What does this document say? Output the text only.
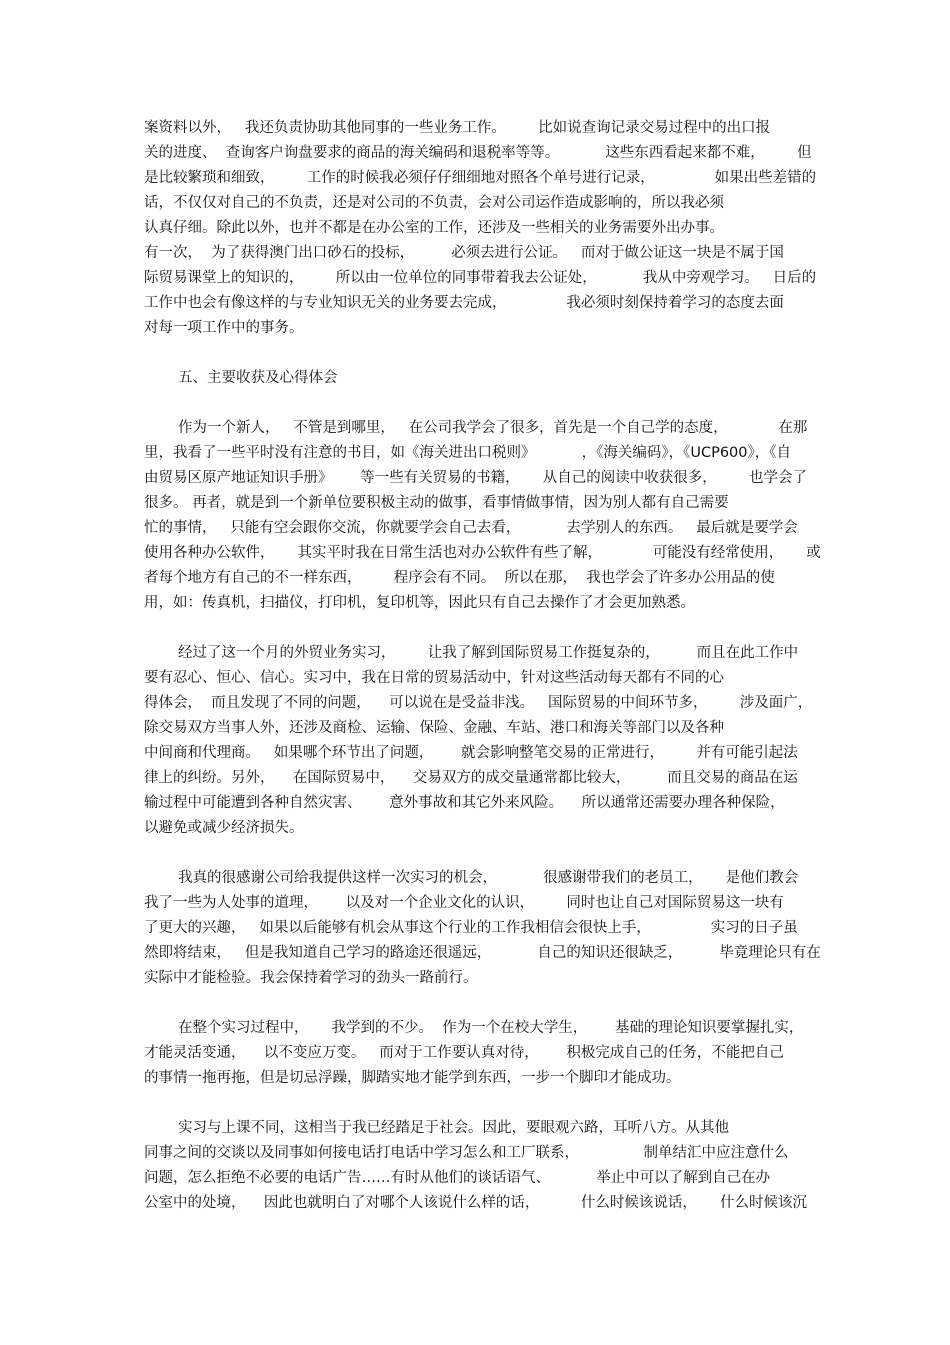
案资料以外，   我还负责协助其他同事的一些业务工作。       比如说查询记录交易过程中的出口报
关的进度、  查询客户询盘要求的商品的海关编码和退税率等等。          这些东西看起来都不难，       但
是比较繁琐和细致，       工作的时候我必须仔仔细细地对照各个单号进行记录，             如果出些差错的
话，不仅仅对自己的不负责，还是对公司的不负责，会对公司运作造成影响的，所以我必须
认真仔细。除此以外，也并不都是在办公室的工作，还涉及一些相关的业务需要外出办事。
有一次，  为了获得澳门出口砂石的投标，        必须去进行公证。   而对于做公证这一块是不属于国
际贸易课堂上的知识的，       所以由一位单位的同事带着我去公证处，          我从中旁观学习。   日后的
工作中也会有像这样的与专业知识无关的业务要去完成，             我必须时刻保持着学习的态度去面
对每一项工作中的事务。
五、主要收获及心得体会
作为一个新人，   不管是到哪里，   在公司我学会了很多，首先是一个自己学的态度，           在那
里，我看了一些平时没有注意的书目，如《海关进出口税则》          ，《海关编码》，《UCP600》，《自
由贸易区原产地证知识手册》      等一些有关贸易的书籍，     从自己的阅读中收获很多，       也学会了
很多。 再者，就是到一个新单位要积极主动的做事，看事情做事情，因为别人都有自己需要
忙的事情，   只能有空会跟你交流，你就要学会自己去看，          去学别人的东西。   最后就是要学会
使用各种办公软件，     其实平时我在日常生活也对办公软件有些了解，           可能没有经常使用，     或
者每个地方有自己的不一样东西，       程序会有不同。  所以在那，  我也学会了许多办公用品的使
用，如：传真机，扫描仪，打印机，复印机等，因此只有自己去操作了才会更加熟悉。
经过了这一个月的外贸业务实习，       让我了解到国际贸易工作挺复杂的，        而且在此工作中
要有忍心、恒心、信心。实习中，我在日常的贸易活动中，针对这些活动每天都有不同的心
得体会，  而且发现了不同的问题，    可以说在是受益非浅。   国际贸易的中间环节多，       涉及面广，
除交易双方当事人外，还涉及商检、运输、保险、金融、车站、港口和海关等部门以及各种
中间商和代理商。   如果哪个环节出了问题，      就会影响整笔交易的正常进行，       并有可能引起法
律上的纠纷。另外，    在国际贸易中，    交易双方的成交量通常都比较大，        而且交易的商品在运
输过程中可能遭到各种自然灾害、      意外事故和其它外来风险。    所以通常还需要办理各种保险，
以避免或减少经济损失。
我真的很感谢公司给我提供这样一次实习的机会，          很感谢带我们的老员工，     是他们教会
我了一些为人处事的道理，      以及对一个企业文化的认识，       同时也让自己对国际贸易这一块有
了更大的兴趣，   如果以后能够有机会从事这个行业的工作我相信会很快上手，             实习的日子虽
然即将结束，   但是我知道自己学习的路途还很遥远，          自己的知识还很缺乏，        毕竟理论只有在
实际中才能检验。我会保持着学习的劲头一路前行。
在整个实习过程中，     我学到的不少。  作为一个在校大学生，      基础的理论知识要掌握扎实，
才能灵活变通，    以不变应万变。   而对于工作要认真对待，      积极完成自己的任务，不能把自己
的事情一拖再拖，但是切忌浮躁，脚踏实地才能学到东西，一步一个脚印才能成功。
实习与上课不同，这相当于我已经踏足于社会。因此，要眼观六路，耳听八方。从其他
同事之间的交谈以及同事如何接电话打电话中学习怎么和工厂联系，              制单结汇中应注意什么
问题，怎么拒绝不必要的电话广告……有时从他们的谈话语气、          举止中可以了解到自己在办
公室中的处境，    因此也就明白了对哪个人该说什么样的话，         什么时候该说话，     什么时候该沉
